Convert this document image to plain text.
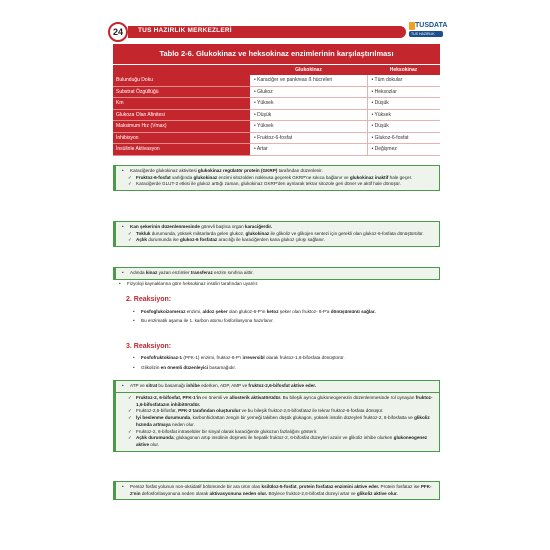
24	TUS HAZIRLIK MERKEZLERİ
TUSDATA
TUS HAZIRLIK MERKEZLERİ
Tablo 2-6. Glukokinaz ve heksokinaz enzimlerinin karşılaştırılması
	Glukokinaz	Heksokinaz
Bulunduğu Doku	• Karaciğer ve pankreas ß hücreleri	• Tüm dokular
Substrat Özgüllüğü	• Glukoz	• Heksozlar
Km	• Yüksek	• Düşük
Glukoza Olan Afinitesi	• Düşük	• Yüksek
Maksimum Hız (Vmax)	• Yüksek	• Düşük
İnhibisyon	• Fruktoz-6-fosfat	• Glukoz-6-fosfat
İnsülinle Aktivasyon	• Artar	• Değişmez
•	Karaciğerde glukokinaz aktivitesi glukokinaz regülatör protein (GKRP) tarafından düzenlenir.

✓ Fruktoz-6-fosfat varlığında glukokinaz enzimi sitozolden nükleusa geçerek GKRP'ne sıkıca bağlanır ve glukokinaz inaktif hale geçer.

✓ Karaciğerde GLUT-2 etkisi ile glukoz arttığı zaman, glukokinaz GKRP'den ayrılarak tekrar sitozole geri döner ve aktif hale dönüşür.

•	Kan şekerinin düzenlenmesinde görevli başlıca organ karaciğerdir.

✓ Tokluk durumunda, yüksek miktarlarda gelen glukoz, glukokinaz ile glikoliz ve glikojen sentezi için gerekli olan glukoz-6-fosfata dönüştürülür.

✓ Açlık durumunda ise glukoz-6 fosfataz aracılığı ile karaciğerden kana glukoz çıkışı sağlanır.

•	Adında kinaz yazan enzimler transferaz enzim sınıfına aittir.

•	Fizyoloji kaynaklarına göre heksokinaz insülin tarafından uyarılır.

2. Reaksiyon:
•	Fosfoglukoizomeraz enzimi, aldoz şeker olan glukoz-6-P'ın ketoz şeker olan fruktoz- 6-P'a dönüşümünü sağlar.

•	Bu enzimatik aşama ile 1. karbon atomu fosforilasyona hazırlanır.

3. Reaksiyon:
•	Fosfofruktokinaz-1 (PFK-1) enzimi, fruktoz-6-P'ı irreversibl olarak fruktoz-1,6-bifosfata dönüştürür.

•	Glikolizin en önemli düzenleyici basamağıdır.

•	ATP ve sitrat bu basamağı inhibe ederken, ADP, AMP ve fruktoz-2,6-bifosfat aktive eder.

✓ Fruktoz-2, 6-bifosfat, PFK-1'in en önemli ve allosterik aktivatörüdür. Bu bileşik ayrıca glukoneogenezin düzenlenmesinde rol oynayan fruktoz-1,6-bifosfatazın inhibitörüdür.

✓ Fruktoz-2,6-bifosfat, PFK-2 tarafından oluşturulur ve bu bileşik fruktoz-2,6-bifosfataz ile tekrar fruktoz-6-fosfata dönüşür.

✓ İyi beslenme durumunda, karbonhidrattan zengin bir yemeği takiben düşük glukagon, yüksek insülin düzeyleri fruktoz-2, 6-bifosfatta ve glikoliz hızında artmaya neden olur.

✓ Fruktoz-2, 6-bifosfat intraselüler bir sinyal olarak karaciğerde glukozun fazlalığını gösterir.

✓ Açlık durumunda; glukagonun artıp insülinin düşmesi ile hepatik fruktoz-2, 6-bifosfat düzeyleri azalır ve glikoliz inhibe olurken glukoneogenez aktive olur.

•	Pentoz fosfat yolunun non-oksidatif bölümünde bir ara ürün olan ksilüloz-5-fosfat, protein fosfataz enzimini aktive eder. Protein fosfataz ise PFK-2'nin defosforilasyonuna neden olarak aktivasyonuna neden olur. Böylece fruktoz-2,6-bifosfat düzeyi artar ve glikoliz aktive olur.
